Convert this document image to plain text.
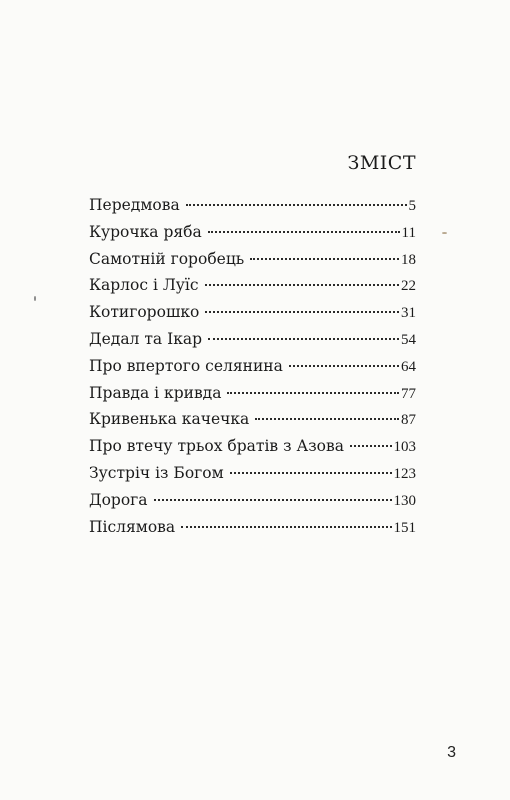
ЗМІСТ
Передмова	5
Курочка ряба	11
Самотній горобець	18
Карлос і Луїс	22
Котигорошко	31
Дедал та Ікар	54
Про впертого селянина	64
Правда і кривда	77
Кривенька качечка	87
Про втечу трьох братів з Азова	103
Зустріч із Богом	123
Дорога	130
Післямова	151
3
